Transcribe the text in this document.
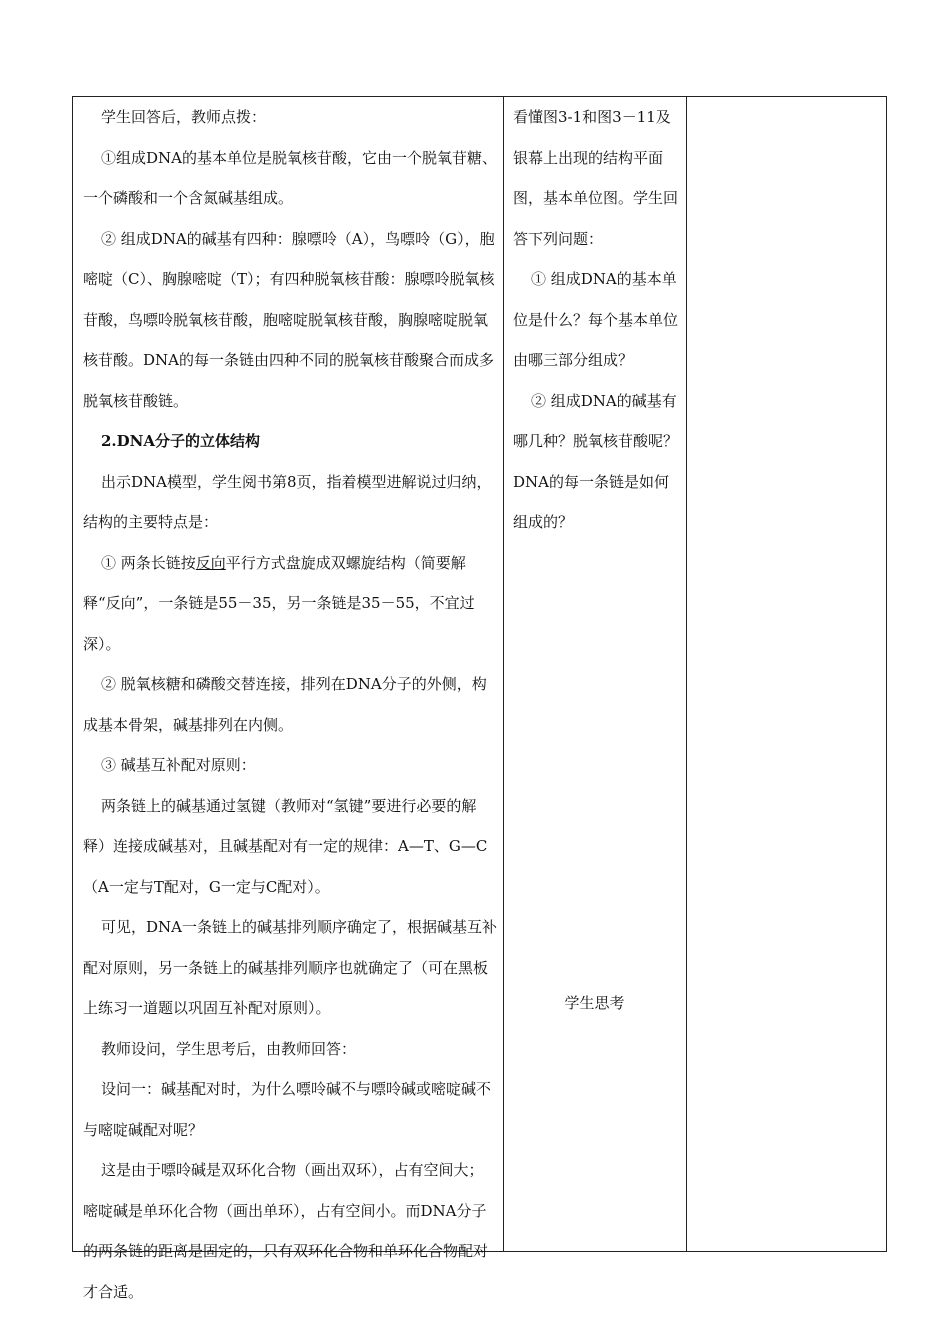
学生回答后，教师点拨：

①组成DNA的基本单位是脱氧核苷酸，它由一个脱氧苷糖、一个磷酸和一个含氮碱基组成。

② 组成DNA的碱基有四种：腺嘌呤（A），鸟嘌呤（G），胞嘧啶（C）、胸腺嘧啶（T）；有四种脱氧核苷酸：腺嘌呤脱氧核苷酸，鸟嘌呤脱氧核苷酸，胞嘧啶脱氧核苷酸，胸腺嘧啶脱氧核苷酸。DNA的每一条链由四种不同的脱氧核苷酸聚合而成多脱氧核苷酸链。

2.DNA分子的立体结构

出示DNA模型，学生阅书第8页，指着模型进解说过归纳，结构的主要特点是：

① 两条长链按反向平行方式盘旋成双螺旋结构（简要解释“反向”，一条链是55－35，另一条链是35－55，不宜过深）。

② 脱氧核糖和磷酸交替连接，排列在DNA分子的外侧，构成基本骨架，碱基排列在内侧。

③ 碱基互补配对原则：

两条链上的碱基通过氢键（教师对“氢键”要进行必要的解释）连接成碱基对，且碱基配对有一定的规律：A—T、G—C（A一定与T配对，G一定与C配对）。

可见，DNA一条链上的碱基排列顺序确定了，根据碱基互补配对原则，另一条链上的碱基排列顺序也就确定了（可在黑板上练习一道题以巩固互补配对原则）。

教师设问，学生思考后，由教师回答：

设问一：碱基配对时，为什么嘌呤碱不与嘌呤碱或嘧啶碱不与嘧啶碱配对呢？

这是由于嘌呤碱是双环化合物（画出双环），占有空间大；嘧啶碱是单环化合物（画出单环），占有空间小。而DNA分子的两条链的距离是固定的，只有双环化合物和单环化合物配对才合适。

看懂图3-1和图3－11及银幕上出现的结构平面图，基本单位图。学生回答下列问题：

① 组成DNA的基本单位是什么？每个基本单位由哪三部分组成？

② 组成DNA的碱基有哪几种？脱氧核苷酸呢？DNA的每一条链是如何组成的？

学生思考
